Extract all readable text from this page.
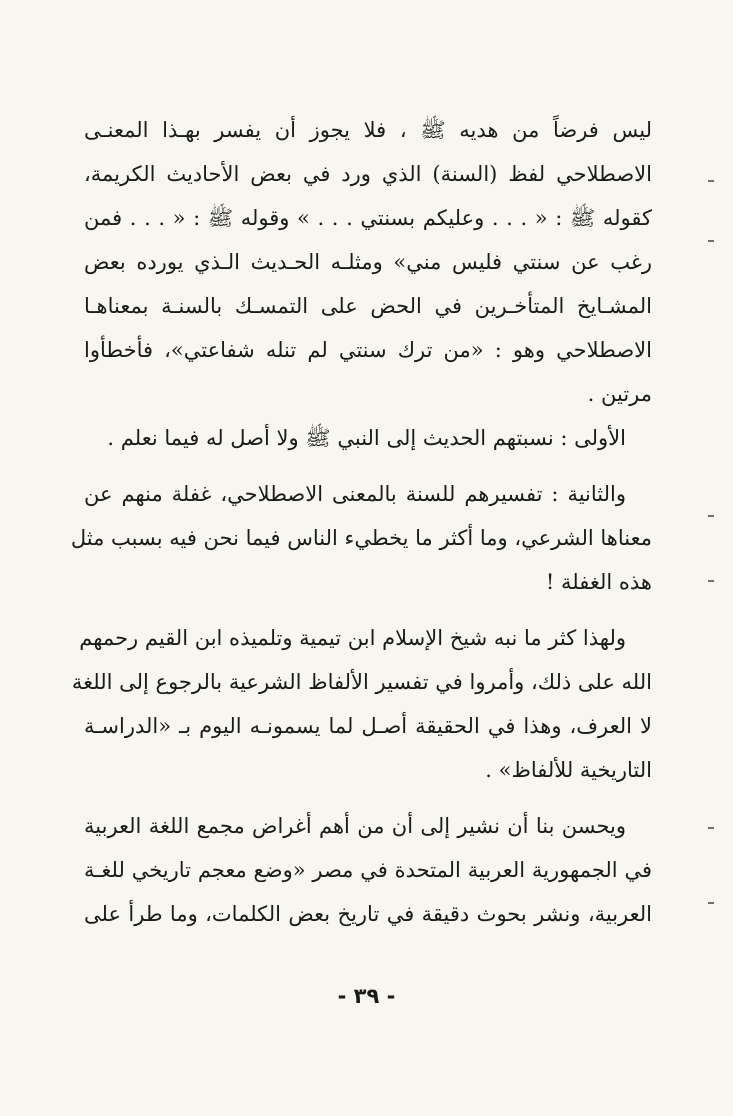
ليس فرضاً من هديه ﷺ ، فلا يجوز أن يفسر بهـذا المعنـى
الاصطلاحي لفظ (السنة) الذي ورد في بعض الأحاديث الكريمة،
كقوله ﷺ : « . . . وعليكم بسنتي . . . » وقوله ﷺ : « . . . فمن
رغب عن سنتي فليس مني» ومثلـه الحـديث الـذي يورده بعض
المشـايخ المتأخـرين في الحض على التمسـك بالسنـة بمعناهـا
الاصطلاحي وهو : «من ترك سنتي لم تنله شفاعتي»، فأخطأوا
مرتين .
الأولى : نسبتهم الحديث إلى النبي ﷺ ولا أصل له فيما نعلم .
والثانية : تفسيرهم للسنة بالمعنى الاصطلاحي، غفلة منهم عن
معناها الشرعي، وما أكثر ما يخطيء الناس فيما نحن فيه بسبب مثل
هذه الغفلة !
ولهذا كثر ما نبه شيخ الإسلام ابن تيمية وتلميذه ابن القيم رحمهم
الله على ذلك، وأمروا في تفسير الألفاظ الشرعية بالرجوع إلى اللغة
لا العرف، وهذا في الحقيقة أصـل لما يسمونـه اليوم بـ «الدراسـة
التاريخية للألفاظ» .
ويحسن بنا أن نشير إلى أن من أهم أغراض مجمع اللغة العربية
في الجمهورية العربية المتحدة في مصر «وضع معجم تاريخي للغـة
العربية، ونشر بحوث دقيقة في تاريخ بعض الكلمات، وما طرأ على
- ٣٩ -
